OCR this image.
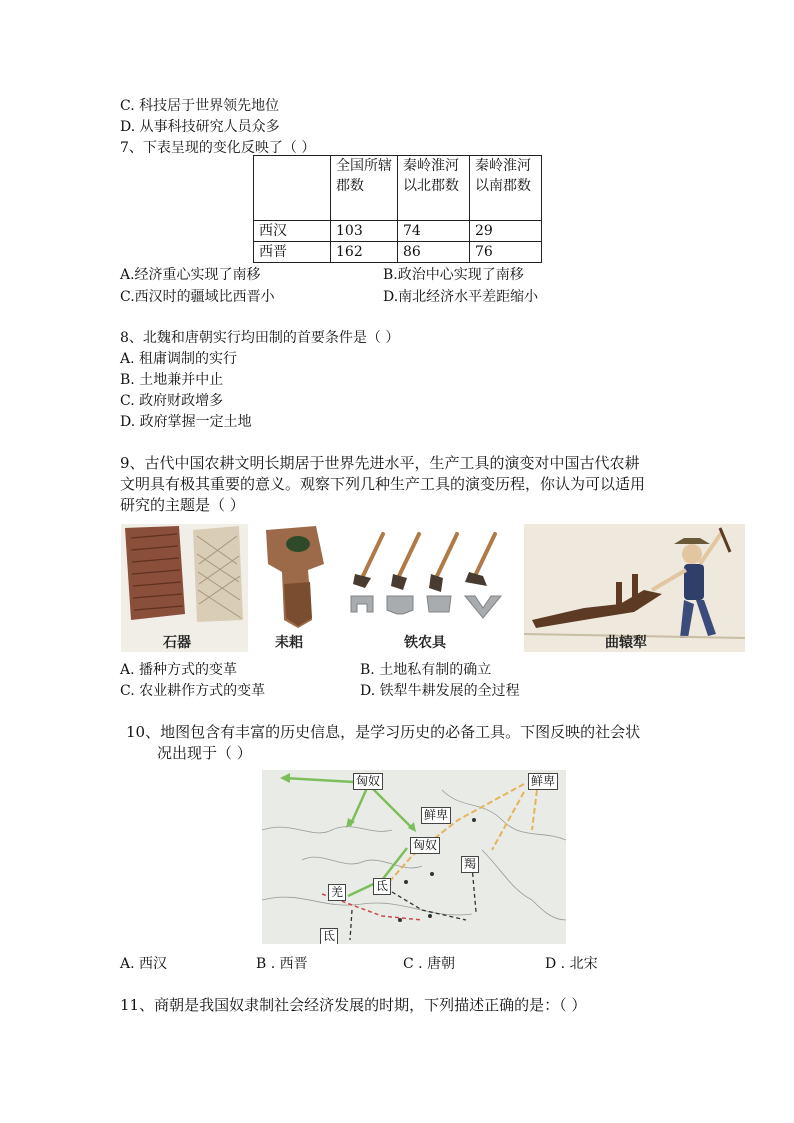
C. 科技居于世界领先地位
D. 从事科技研究人员众多
7、下表呈现的变化反映了（ ）
	全国所辖郡数	秦岭淮河以北郡数	秦岭淮河以南郡数
西汉	103	74	29
西晋	162	86	76
A.经济重心实现了南移	B.政治中心实现了南移
C.西汉时的疆域比西晋小	D.南北经济水平差距缩小
8、北魏和唐朝实行均田制的首要条件是（ ）
A. 租庸调制的实行
B. 土地兼并中止
C. 政府财政增多
D. 政府掌握一定土地
9、古代中国农耕文明长期居于世界先进水平，生产工具的演变对中国古代农耕
文明具有极其重要的意义。观察下列几种生产工具的演变历程，你认为可以适用
研究的主题是（ ）
石器	耒耜	铁农具	曲辕犁
A. 播种方式的变革	B. 土地私有制的确立
C. 农业耕作方式的变革	D. 铁犁牛耕发展的全过程
10、地图包含有丰富的历史信息，是学习历史的必备工具。下图反映的社会状
况出现于（ ）
匈奴	鲜卑
鲜卑
匈奴
羯
羌	氐
氐
A. 西汉	B . 西晋	C . 唐朝	D . 北宋
11、商朝是我国奴隶制社会经济发展的时期，下列描述正确的是：（ ）
